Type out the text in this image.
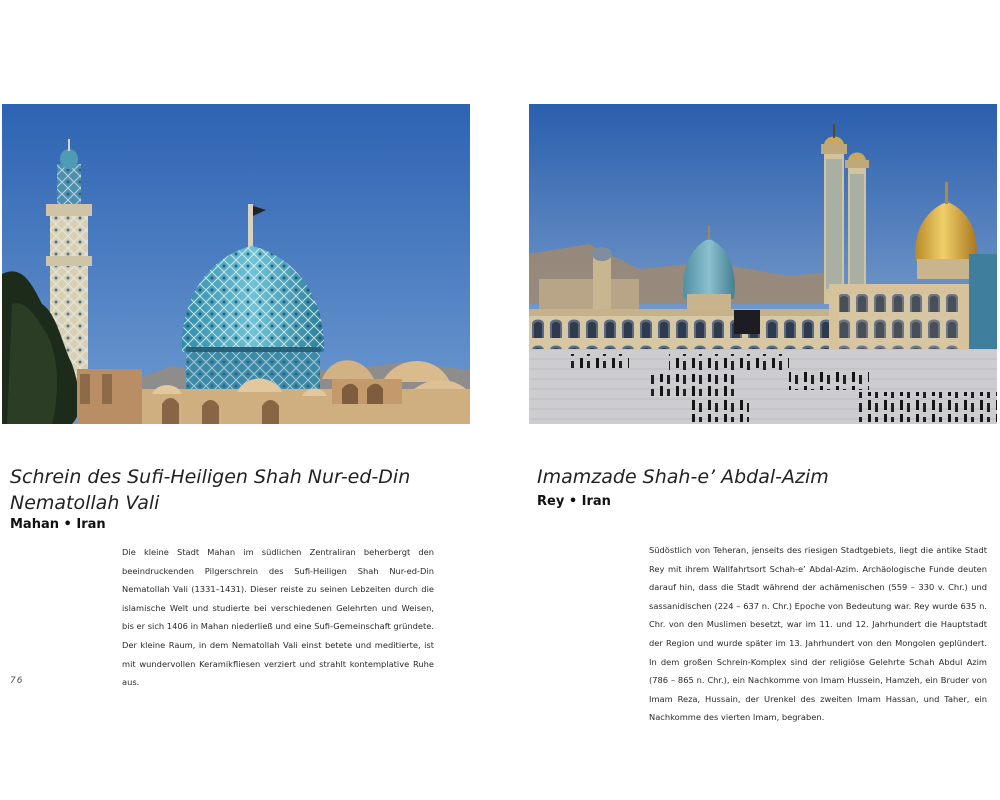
Schrein des Sufi-Heiligen Shah Nur-ed-Din Nematollah Vali
Mahan • Iran
Die kleine Stadt Mahan im südlichen Zentraliran beherbergt den beeindruckenden Pilgerschrein des Sufi-Heiligen Shah Nur-ed-Din Nematollah Vali (1331–1431). Dieser reiste zu seinen Lebzeiten durch die islamische Welt und studierte bei verschiedenen Gelehrten und Weisen, bis er sich 1406 in Mahan niederließ und eine Sufi-Gemeinschaft gründete. Der kleine Raum, in dem Nematollah Vali einst betete und meditierte, ist mit wundervollen Keramikfliesen verziert und strahlt kontemplative Ruhe aus.
76
Imamzade Shah-e’ Abdal-Azim
Rey • Iran
Südöstlich von Teheran, jenseits des riesigen Stadtgebiets, liegt die antike Stadt Rey mit ihrem Wallfahrtsort Schah-e’ Abdal-Azim. Archäologische Funde deuten darauf hin, dass die Stadt während der achämenischen (559 – 330 v. Chr.) und sassanidischen (224 – 637 n. Chr.) Epoche von Bedeutung war. Rey wurde 635 n. Chr. von den Muslimen besetzt, war im 11. und 12. Jahrhundert die Hauptstadt der Region und wurde später im 13. Jahrhundert von den Mongolen geplündert. In dem großen Schrein-Komplex sind der religiöse Gelehrte Schah Abdul Azim (786 – 865 n. Chr.), ein Nachkomme von Imam Hussein, Hamzeh, ein Bruder von Imam Reza, Hussain, der Urenkel des zweiten Imam Hassan, und Taher, ein Nachkomme des vierten Imam, begraben.
